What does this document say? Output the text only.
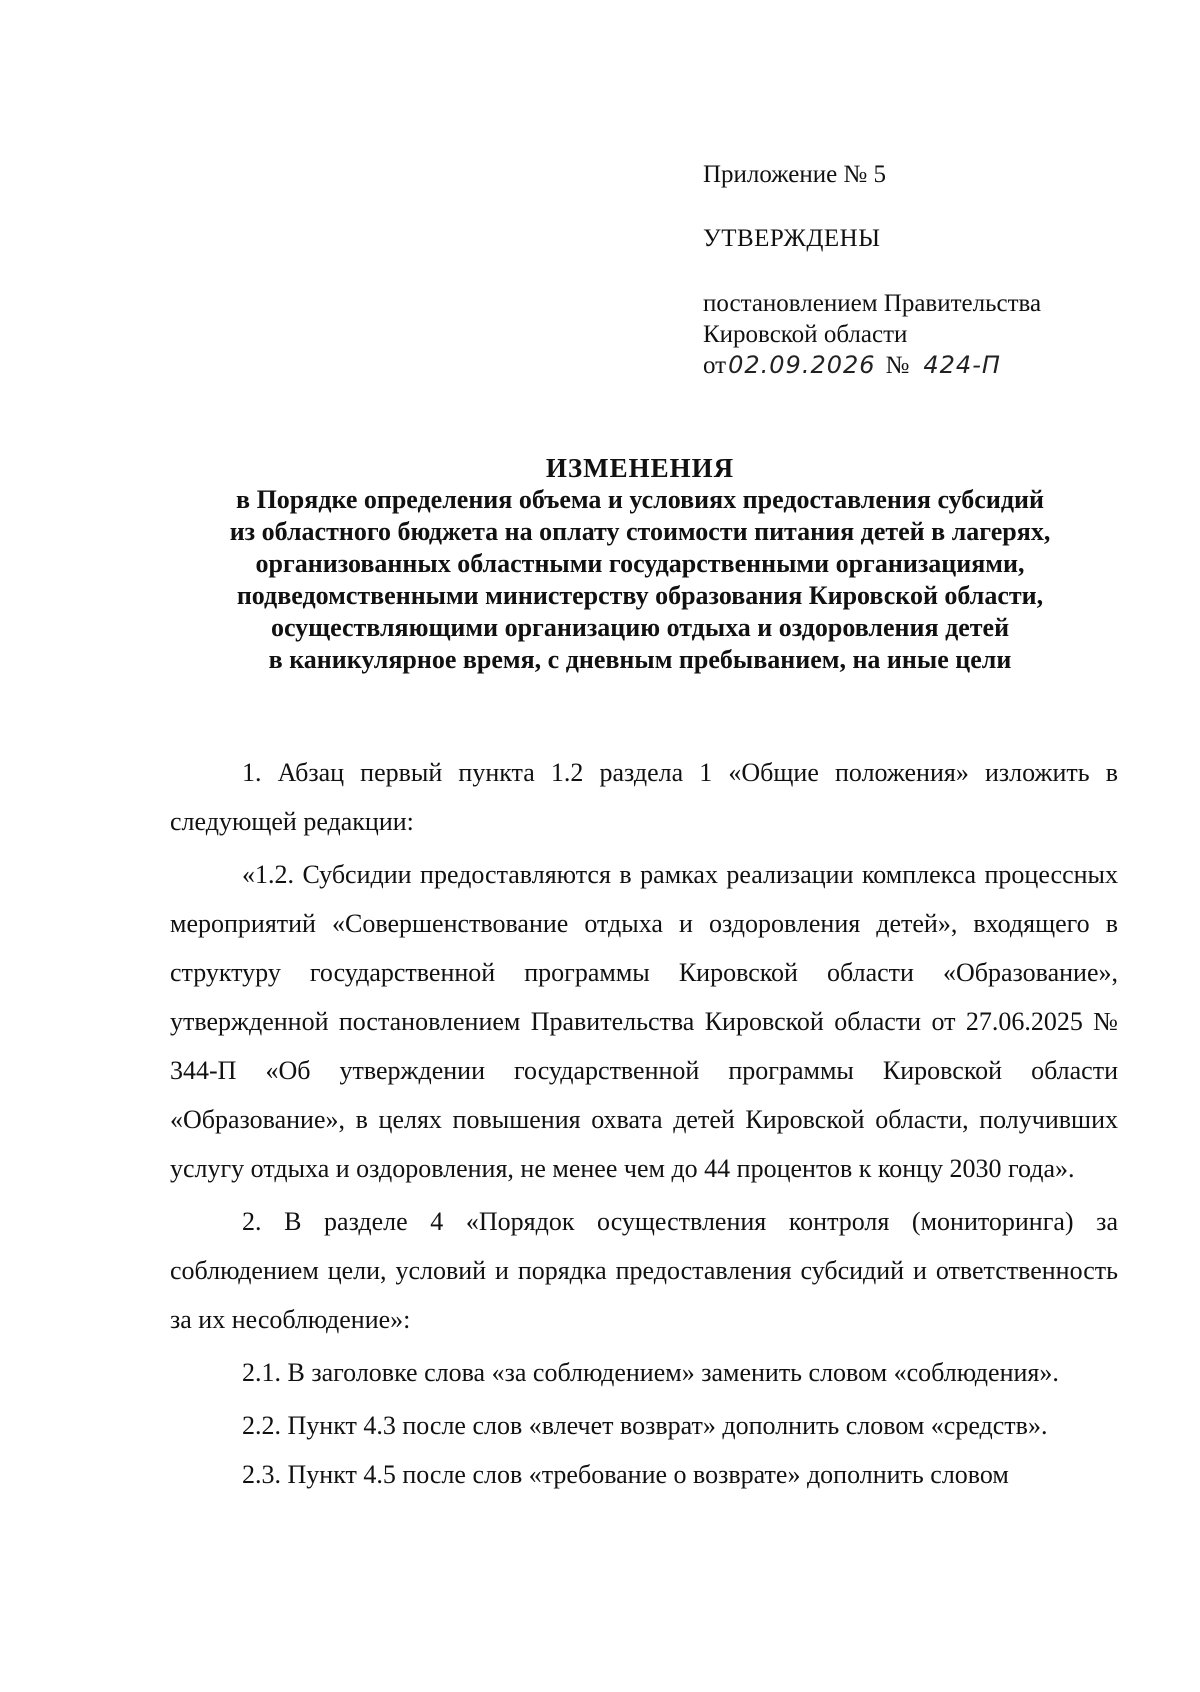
Приложение № 5

УТВЕРЖДЕНЫ

постановлением Правительства
Кировской области
от02.09.2026 № 424-П
ИЗМЕНЕНИЯ
в Порядке определения объема и условиях предоставления субсидий
из областного бюджета на оплату стоимости питания детей в лагерях,
организованных областными государственными организациями,
подведомственными министерству образования Кировской области,
осуществляющими организацию отдыха и оздоровления детей
в каникулярное время, с дневным пребыванием, на иные цели

1. Абзац первый пункта 1.2 раздела 1 «Общие положения» изложить в следующей редакции:

«1.2. Субсидии предоставляются в рамках реализации комплекса процессных мероприятий «Совершенствование отдыха и оздоровления детей», входящего в структуру государственной программы Кировской области «Образование», утвержденной постановлением Правительства Кировской области от 27.06.2025 № 344-П «Об утверждении государственной программы Кировской области «Образование», в целях повышения охвата детей Кировской области, получивших услугу отдыха и оздоровления, не менее чем до 44 процентов к концу 2030 года».

2. В разделе 4 «Порядок осуществления контроля (мониторинга) за соблюдением цели, условий и порядка предоставления субсидий и ответственность за их несоблюдение»:

2.1. В заголовке слова «за соблюдением» заменить словом «соблюдения».

2.2. Пункт 4.3 после слов «влечет возврат» дополнить словом «средств».

2.3. Пункт 4.5 после слов «требование о возврате» дополнить словом
